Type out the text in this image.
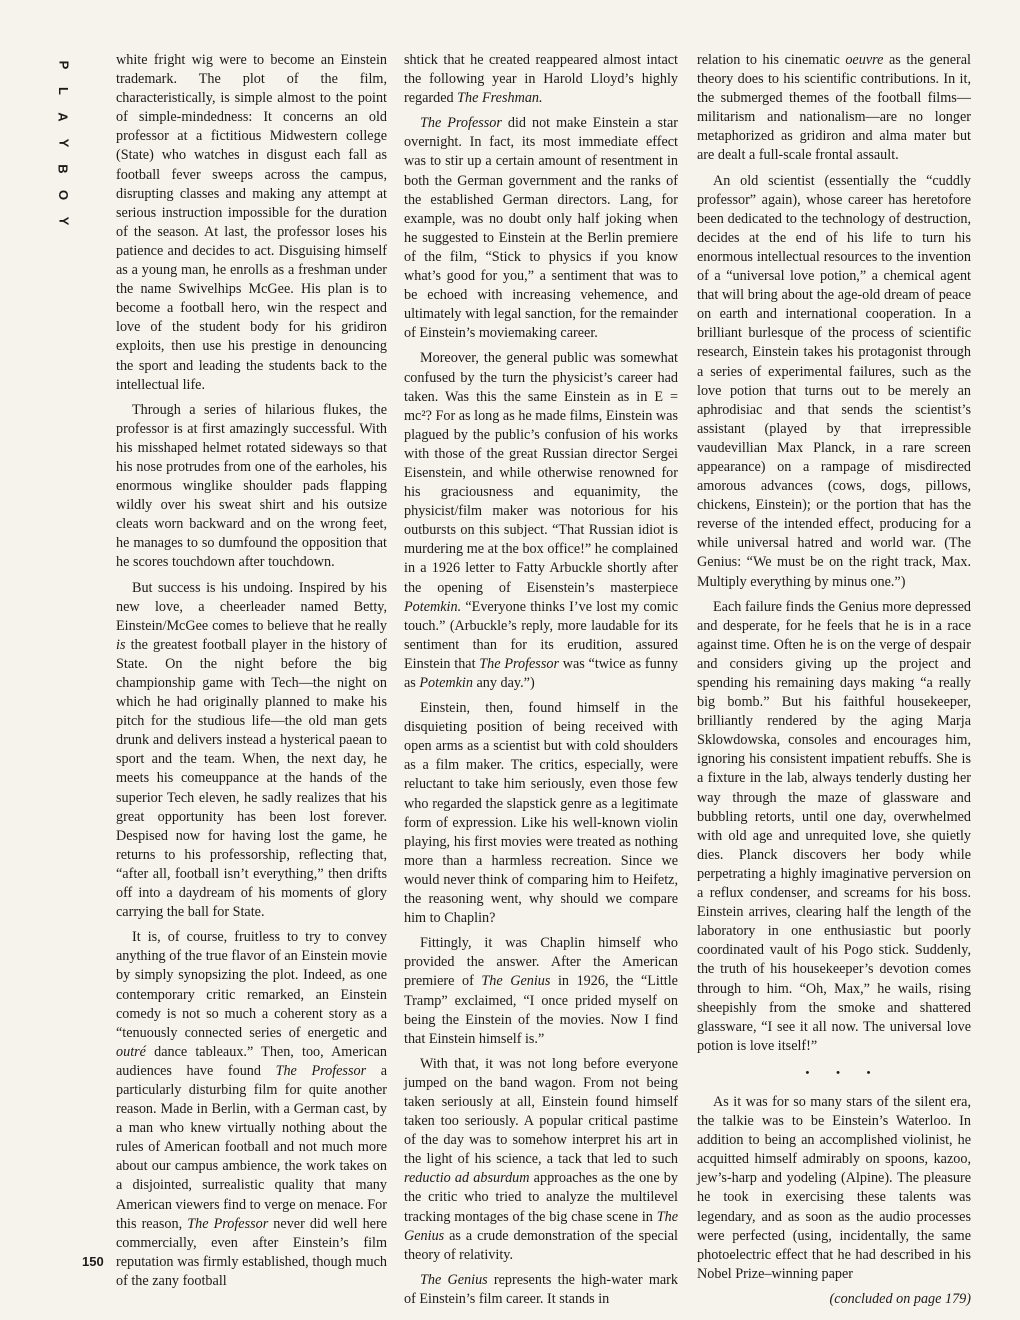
P
L
A
Y
B
O
Y

white fright wig were to become an Einstein trademark. The plot of the film, characteristically, is simple almost to the point of simple-mindedness: It concerns an old professor at a fictitious Midwestern college (State) who watches in disgust each fall as football fever sweeps across the campus, disrupting classes and making any attempt at serious instruction impossible for the duration of the season. At last, the professor loses his patience and decides to act. Disguising himself as a young man, he enrolls as a freshman under the name Swivelhips McGee. His plan is to become a football hero, win the respect and love of the student body for his gridiron exploits, then use his prestige in denouncing the sport and leading the students back to the intellectual life.

Through a series of hilarious flukes, the professor is at first amazingly successful. With his misshaped helmet rotated sideways so that his nose protrudes from one of the earholes, his enormous winglike shoulder pads flapping wildly over his sweat shirt and his outsize cleats worn backward and on the wrong feet, he manages to so dumfound the opposition that he scores touchdown after touchdown.

But success is his undoing. Inspired by his new love, a cheerleader named Betty, Einstein/McGee comes to believe that he really is the greatest football player in the history of State. On the night before the big championship game with Tech—the night on which he had originally planned to make his pitch for the studious life—the old man gets drunk and delivers instead a hysterical paean to sport and the team. When, the next day, he meets his comeuppance at the hands of the superior Tech eleven, he sadly realizes that his great opportunity has been lost forever. Despised now for having lost the game, he returns to his professorship, reflecting that, “after all, football isn’t everything,” then drifts off into a daydream of his moments of glory carrying the ball for State.

It is, of course, fruitless to try to convey anything of the true flavor of an Einstein movie by simply synopsizing the plot. Indeed, as one contemporary critic remarked, an Einstein comedy is not so much a coherent story as a “tenuously connected series of energetic and outré dance tableaux.” Then, too, American audiences have found The Professor a particularly disturbing film for quite another reason. Made in Berlin, with a German cast, by a man who knew virtually nothing about the rules of American football and not much more about our campus ambience, the work takes on a disjointed, surrealistic quality that many American viewers find to verge on menace. For this reason, The Professor never did well here commercially, even after Einstein’s film reputation was firmly established, though much of the zany football

shtick that he created reappeared almost intact the following year in Harold Lloyd’s highly regarded The Freshman.

The Professor did not make Einstein a star overnight. In fact, its most immediate effect was to stir up a certain amount of resentment in both the German government and the ranks of the established German directors. Lang, for example, was no doubt only half joking when he suggested to Einstein at the Berlin premiere of the film, “Stick to physics if you know what’s good for you,” a sentiment that was to be echoed with increasing vehemence, and ultimately with legal sanction, for the remainder of Einstein’s moviemaking career.

Moreover, the general public was somewhat confused by the turn the physicist’s career had taken. Was this the same Einstein as in E = mc²? For as long as he made films, Einstein was plagued by the public’s confusion of his works with those of the great Russian director Sergei Eisenstein, and while otherwise renowned for his graciousness and equanimity, the physicist/film maker was notorious for his outbursts on this subject. “That Russian idiot is murdering me at the box office!” he complained in a 1926 letter to Fatty Arbuckle shortly after the opening of Eisenstein’s masterpiece Potemkin. “Everyone thinks I’ve lost my comic touch.” (Arbuckle’s reply, more laudable for its sentiment than for its erudition, assured Einstein that The Professor was “twice as funny as Potemkin any day.”)

Einstein, then, found himself in the disquieting position of being received with open arms as a scientist but with cold shoulders as a film maker. The critics, especially, were reluctant to take him seriously, even those few who regarded the slapstick genre as a legitimate form of expression. Like his well-known violin playing, his first movies were treated as nothing more than a harmless recreation. Since we would never think of comparing him to Heifetz, the reasoning went, why should we compare him to Chaplin?

Fittingly, it was Chaplin himself who provided the answer. After the American premiere of The Genius in 1926, the “Little Tramp” exclaimed, “I once prided myself on being the Einstein of the movies. Now I find that Einstein himself is.”

With that, it was not long before everyone jumped on the band wagon. From not being taken seriously at all, Einstein found himself taken too seriously. A popular critical pastime of the day was to somehow interpret his art in the light of his science, a tack that led to such reductio ad absurdum approaches as the one by the critic who tried to analyze the multilevel tracking montages of the big chase scene in The Genius as a crude demonstration of the special theory of relativity.

The Genius represents the high-water mark of Einstein’s film career. It stands in

relation to his cinematic oeuvre as the general theory does to his scientific contributions. In it, the submerged themes of the football films—militarism and nationalism—are no longer metaphorized as gridiron and alma mater but are dealt a full-scale frontal assault.

An old scientist (essentially the “cuddly professor” again), whose career has heretofore been dedicated to the technology of destruction, decides at the end of his life to turn his enormous intellectual resources to the invention of a “universal love potion,” a chemical agent that will bring about the age-old dream of peace on earth and international cooperation. In a brilliant burlesque of the process of scientific research, Einstein takes his protagonist through a series of experimental failures, such as the love potion that turns out to be merely an aphrodisiac and that sends the scientist’s assistant (played by that irrepressible vaudevillian Max Planck, in a rare screen appearance) on a rampage of misdirected amorous advances (cows, dogs, pillows, chickens, Einstein); or the portion that has the reverse of the intended effect, producing for a while universal hatred and world war. (The Genius: “We must be on the right track, Max. Multiply everything by minus one.”)

Each failure finds the Genius more depressed and desperate, for he feels that he is in a race against time. Often he is on the verge of despair and considers giving up the project and spending his remaining days making “a really big bomb.” But his faithful housekeeper, brilliantly rendered by the aging Marja Sklowdowska, consoles and encourages him, ignoring his consistent impatient rebuffs. She is a fixture in the lab, always tenderly dusting her way through the maze of glassware and bubbling retorts, until one day, overwhelmed with old age and unrequited love, she quietly dies. Planck discovers her body while perpetrating a highly imaginative perversion on a reflux condenser, and screams for his boss. Einstein arrives, clearing half the length of the laboratory in one enthusiastic but poorly coordinated vault of his Pogo stick. Suddenly, the truth of his housekeeper’s devotion comes through to him. “Oh, Max,” he wails, rising sheepishly from the smoke and shattered glassware, “I see it all now. The universal love potion is love itself!”

• • •

As it was for so many stars of the silent era, the talkie was to be Einstein’s Waterloo. In addition to being an accomplished violinist, he acquitted himself admirably on spoons, kazoo, jew’s-harp and yodeling (Alpine). The pleasure he took in exercising these talents was legendary, and as soon as the audio processes were perfected (using, incidentally, the same photoelectric effect that he had described in his Nobel Prize–winning paper

(concluded on page 179)

150
